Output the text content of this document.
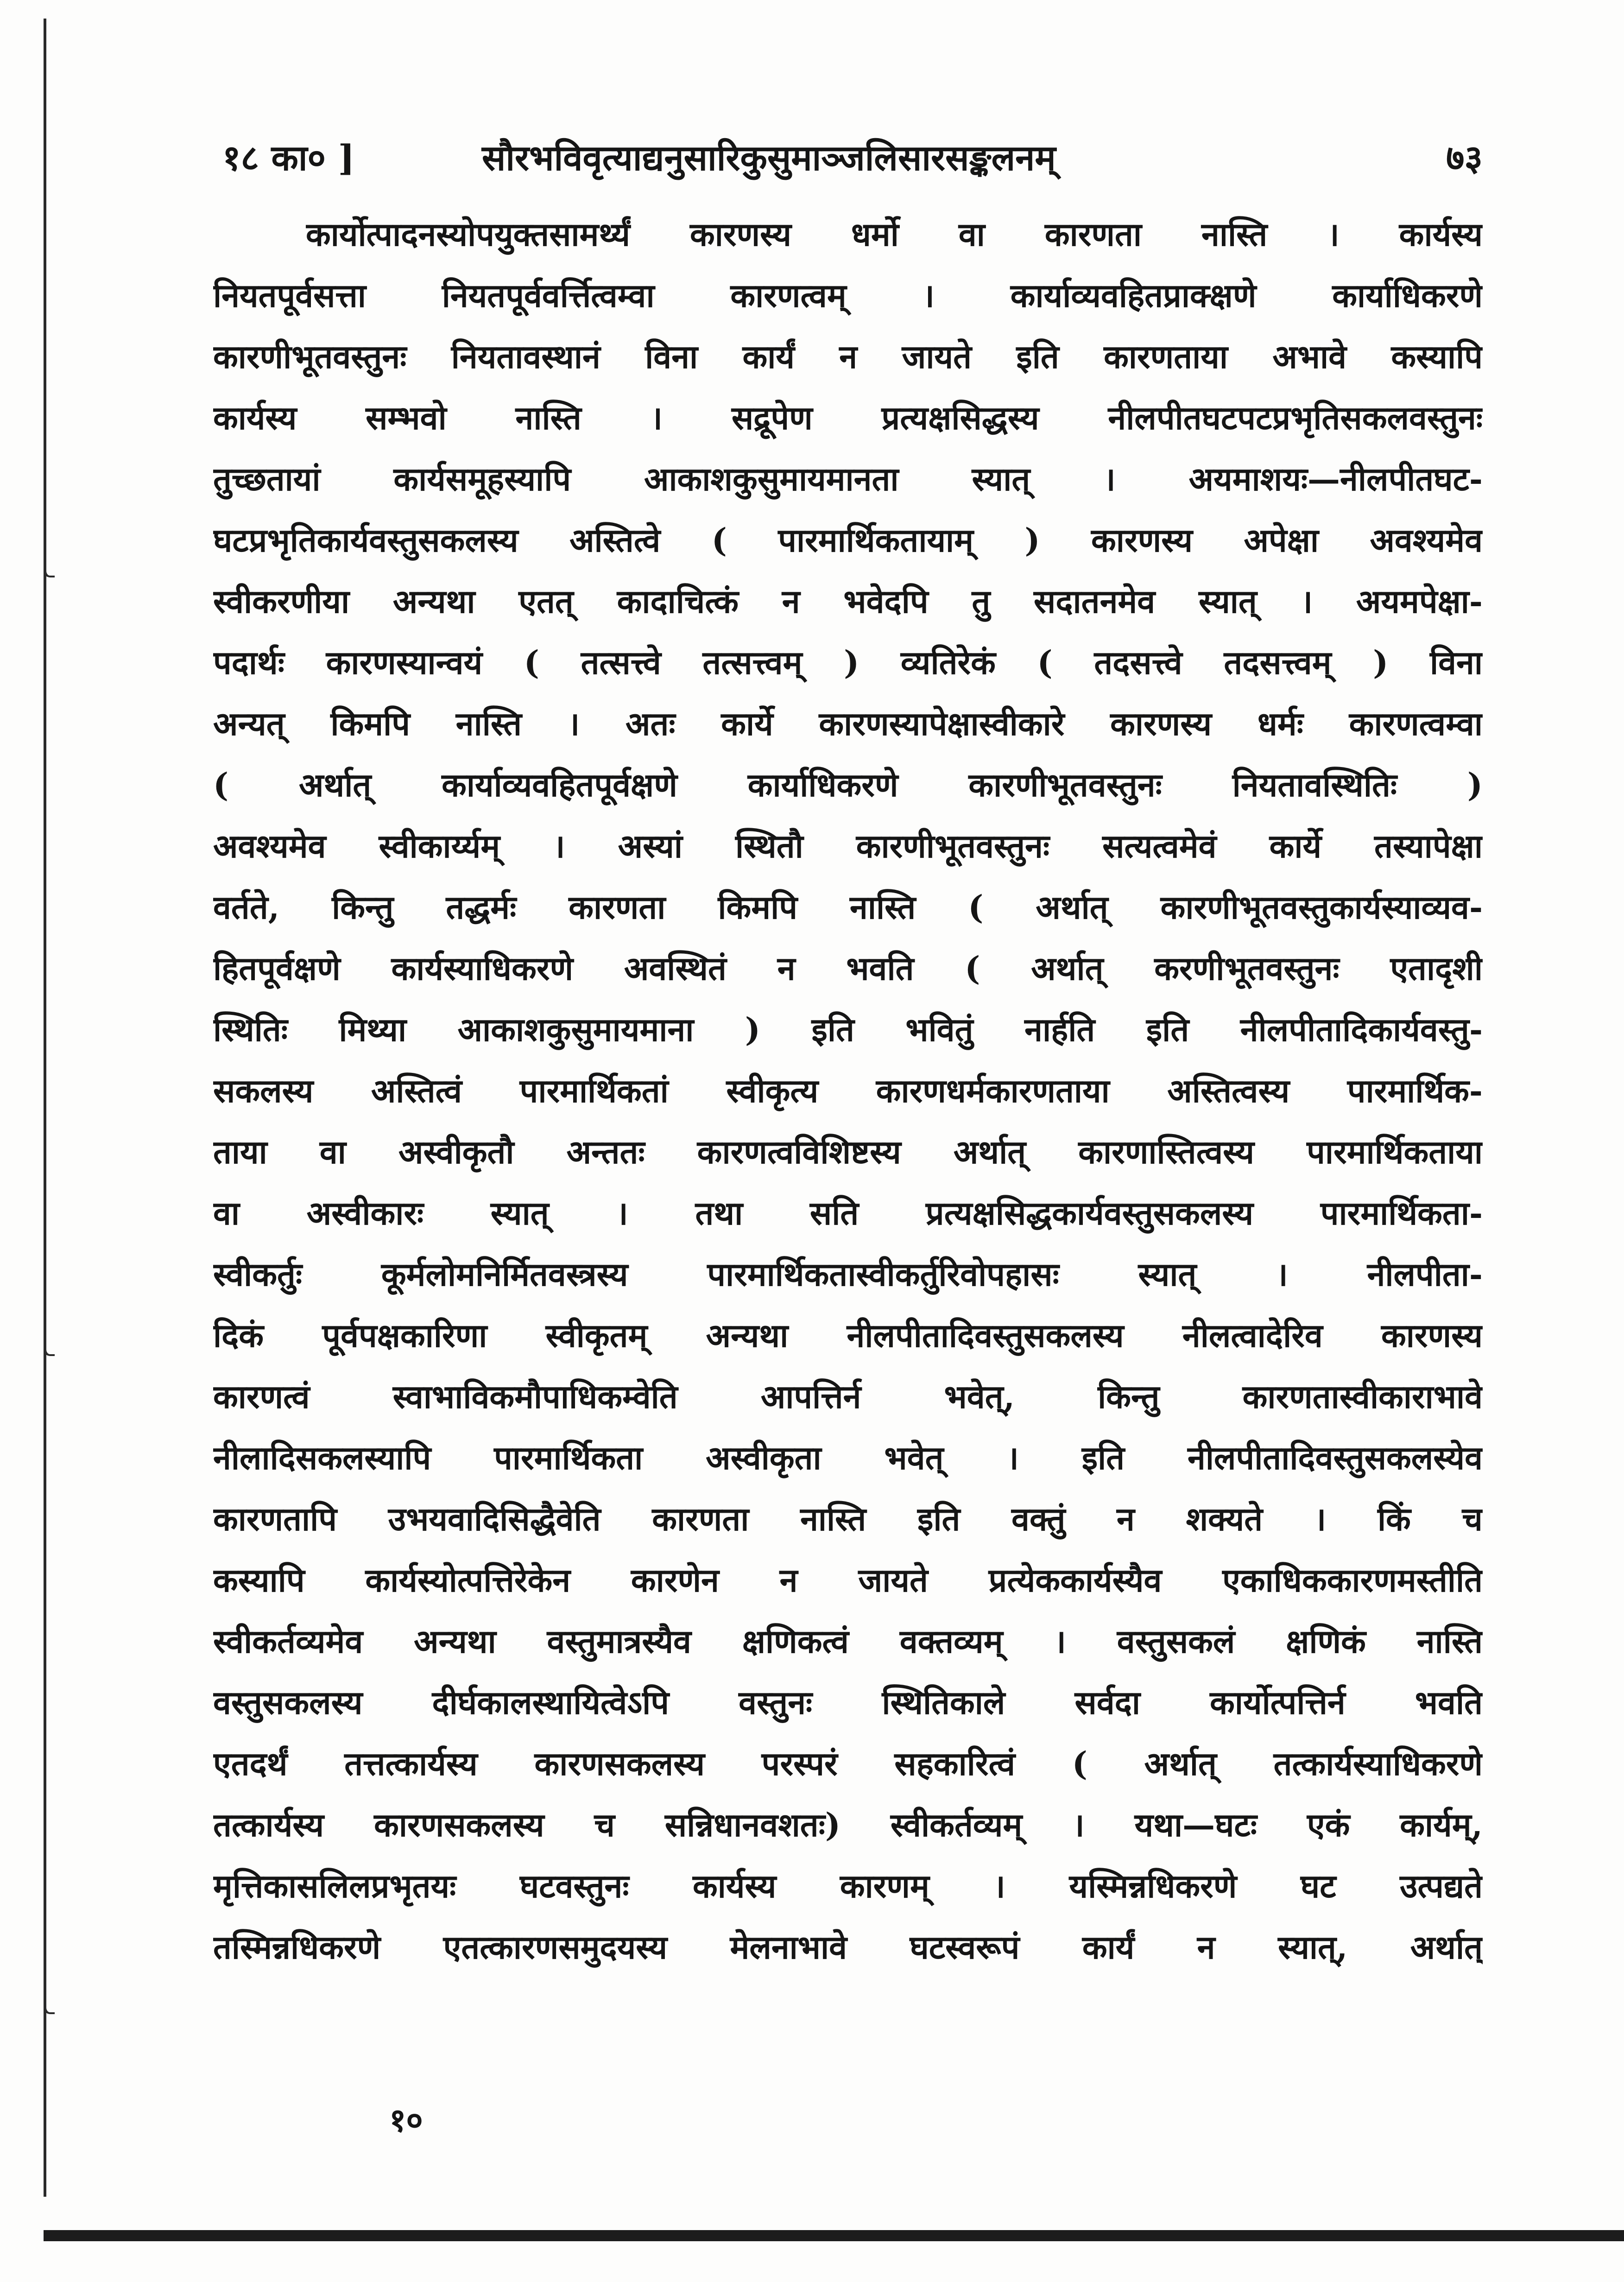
१८ का० ]	सौरभविवृत्याद्यनुसारिकुसुमाञ्जलिसारसङ्कलनम्	७३
कार्योत्पादनस्योपयुक्तसामर्थ्यं कारणस्य धर्मो वा कारणता नास्ति । कार्यस्य
नियतपूर्वसत्ता नियतपूर्ववर्त्तित्वम्वा कारणत्वम् । कार्याव्यवहितप्राक्क्षणे कार्याधिकरणे
कारणीभूतवस्तुनः नियतावस्थानं विना कार्यं न जायते इति कारणताया अभावे कस्यापि
कार्यस्य सम्भवो नास्ति । सद्रूपेण प्रत्यक्षसिद्धस्य नीलपीतघटपटप्रभृतिसकलवस्तुनः
तुच्छतायां कार्यसमूहस्यापि आकाशकुसुमायमानता स्यात् । अयमाशयः—नीलपीतघट-
घटप्रभृतिकार्यवस्तुसकलस्य अस्तित्वे ( पारमार्थिकतायाम् ) कारणस्य अपेक्षा अवश्यमेव
स्वीकरणीया अन्यथा एतत् कादाचित्कं न भवेदपि तु सदातनमेव स्यात् । अयमपेक्षा-
पदार्थः कारणस्यान्वयं ( तत्सत्त्वे तत्सत्त्वम् ) व्यतिरेकं ( तदसत्त्वे तदसत्त्वम् ) विना
अन्यत् किमपि नास्ति । अतः कार्ये कारणस्यापेक्षास्वीकारे कारणस्य धर्मः कारणत्वम्वा
( अर्थात् कार्याव्यवहितपूर्वक्षणे कार्याधिकरणे कारणीभूतवस्तुनः नियतावस्थितिः )
अवश्यमेव स्वीकार्य्यम् । अस्यां स्थितौ कारणीभूतवस्तुनः सत्यत्वमेवं कार्ये तस्यापेक्षा
वर्तते, किन्तु तद्धर्मः कारणता किमपि नास्ति ( अर्थात् कारणीभूतवस्तुकार्यस्याव्यव-
हितपूर्वक्षणे कार्यस्याधिकरणे अवस्थितं न भवति ( अर्थात् करणीभूतवस्तुनः एतादृशी
स्थितिः मिथ्या आकाशकुसुमायमाना ) इति भवितुं नार्हति इति नीलपीतादिकार्यवस्तु-
सकलस्य अस्तित्वं पारमार्थिकतां स्वीकृत्य कारणधर्मकारणताया अस्तित्वस्य पारमार्थिक-
ताया वा अस्वीकृतौ अन्ततः कारणत्वविशिष्टस्य अर्थात् कारणास्तित्वस्य पारमार्थिकताया
वा अस्वीकारः स्यात् । तथा सति प्रत्यक्षसिद्धकार्यवस्तुसकलस्य पारमार्थिकता-
स्वीकर्तुः कूर्मलोमनिर्मितवस्त्रस्य पारमार्थिकतास्वीकर्तुरिवोपहासः स्यात् । नीलपीता-
दिकं पूर्वपक्षकारिणा स्वीकृतम् अन्यथा नीलपीतादिवस्तुसकलस्य नीलत्वादेरिव कारणस्य
कारणत्वं स्वाभाविकमौपाधिकम्वेति आपत्तिर्न भवेत्, किन्तु कारणतास्वीकाराभावे
नीलादिसकलस्यापि पारमार्थिकता अस्वीकृता भवेत् । इति नीलपीतादिवस्तुसकलस्येव
कारणतापि उभयवादिसिद्धैवेति कारणता नास्ति इति वक्तुं न शक्यते । किं च
कस्यापि कार्यस्योत्पत्तिरेकेन कारणेन न जायते प्रत्येककार्यस्यैव एकाधिककारणमस्तीति
स्वीकर्तव्यमेव अन्यथा वस्तुमात्रस्यैव क्षणिकत्वं वक्तव्यम् । वस्तुसकलं क्षणिकं नास्ति
वस्तुसकलस्य दीर्घकालस्थायित्वेऽपि वस्तुनः स्थितिकाले सर्वदा कार्योत्पत्तिर्न भवति
एतदर्थं तत्तत्कार्यस्य कारणसकलस्य परस्परं सहकारित्वं ( अर्थात् तत्कार्यस्याधिकरणे
तत्कार्यस्य कारणसकलस्य च सन्निधानवशतः) स्वीकर्तव्यम् । यथा—घटः एकं कार्यम्,
मृत्तिकासलिलप्रभृतयः घटवस्तुनः कार्यस्य कारणम् । यस्मिन्नधिकरणे घट उत्पद्यते
तस्मिन्नधिकरणे एतत्कारणसमुदयस्य मेलनाभावे घटस्वरूपं कार्यं न स्यात्, अर्थात्
१०
